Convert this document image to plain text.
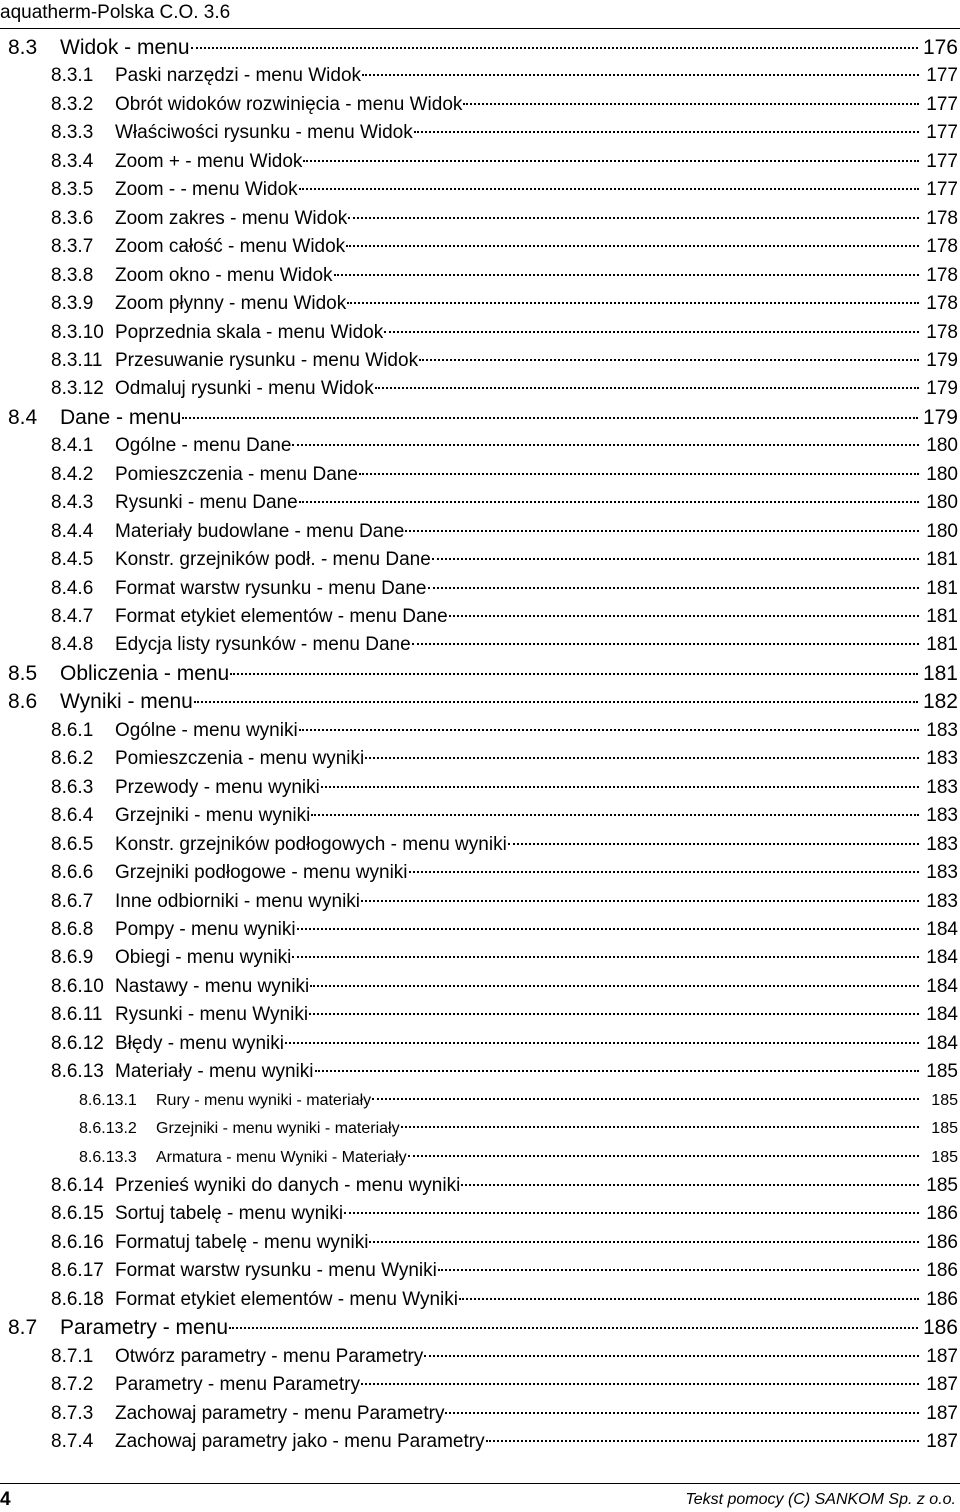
aquatherm-Polska C.O. 3.6
8.3	Widok - menu	176
8.3.1	Paski narzędzi - menu Widok	177
8.3.2	Obrót widoków rozwinięcia - menu Widok	177
8.3.3	Właściwości rysunku - menu Widok	177
8.3.4	Zoom + - menu Widok	177
8.3.5	Zoom - - menu Widok	177
8.3.6	Zoom zakres - menu Widok	178
8.3.7	Zoom całość - menu Widok	178
8.3.8	Zoom okno - menu Widok	178
8.3.9	Zoom płynny - menu Widok	178
8.3.10 Poprzednia skala - menu Widok	178
8.3.11 Przesuwanie rysunku - menu Widok	179
8.3.12 Odmaluj rysunki - menu Widok	179
8.4	Dane - menu	179
8.4.1	Ogólne - menu Dane	180
8.4.2	Pomieszczenia - menu Dane	180
8.4.3	Rysunki - menu Dane	180
8.4.4	Materiały budowlane - menu Dane	180
8.4.5	Konstr. grzejników podł. - menu Dane	181
8.4.6	Format warstw rysunku - menu Dane	181
8.4.7	Format etykiet elementów - menu Dane	181
8.4.8	Edycja listy rysunków - menu Dane	181
8.5	Obliczenia - menu	181
8.6	Wyniki - menu	182
8.6.1	Ogólne - menu wyniki	183
8.6.2	Pomieszczenia - menu wyniki	183
8.6.3	Przewody - menu wyniki	183
8.6.4	Grzejniki - menu wyniki	183
8.6.5	Konstr. grzejników podłogowych - menu wyniki	183
8.6.6	Grzejniki podłogowe - menu wyniki	183
8.6.7	Inne odbiorniki - menu wyniki	183
8.6.8	Pompy - menu wyniki	184
8.6.9	Obiegi - menu wyniki	184
8.6.10 Nastawy - menu wyniki	184
8.6.11 Rysunki - menu Wyniki	184
8.6.12 Błędy - menu wyniki	184
8.6.13 Materiały - menu wyniki	185
8.6.13.1	Rury - menu wyniki - materiały	185
8.6.13.2	Grzejniki - menu wyniki - materiały	185
8.6.13.3	Armatura - menu Wyniki - Materiały	185
8.6.14 Przenieś wyniki do danych - menu wyniki	185
8.6.15 Sortuj tabelę - menu wyniki	186
8.6.16 Formatuj tabelę - menu wyniki	186
8.6.17 Format warstw rysunku - menu Wyniki	186
8.6.18 Format etykiet elementów - menu Wyniki	186
8.7	Parametry - menu	186
8.7.1	Otwórz parametry - menu Parametry	187
8.7.2	Parametry - menu Parametry	187
8.7.3	Zachowaj parametry - menu Parametry	187
8.7.4	Zachowaj parametry jako - menu Parametry	187
4	Tekst pomocy (C) SANKOM Sp. z o.o.
